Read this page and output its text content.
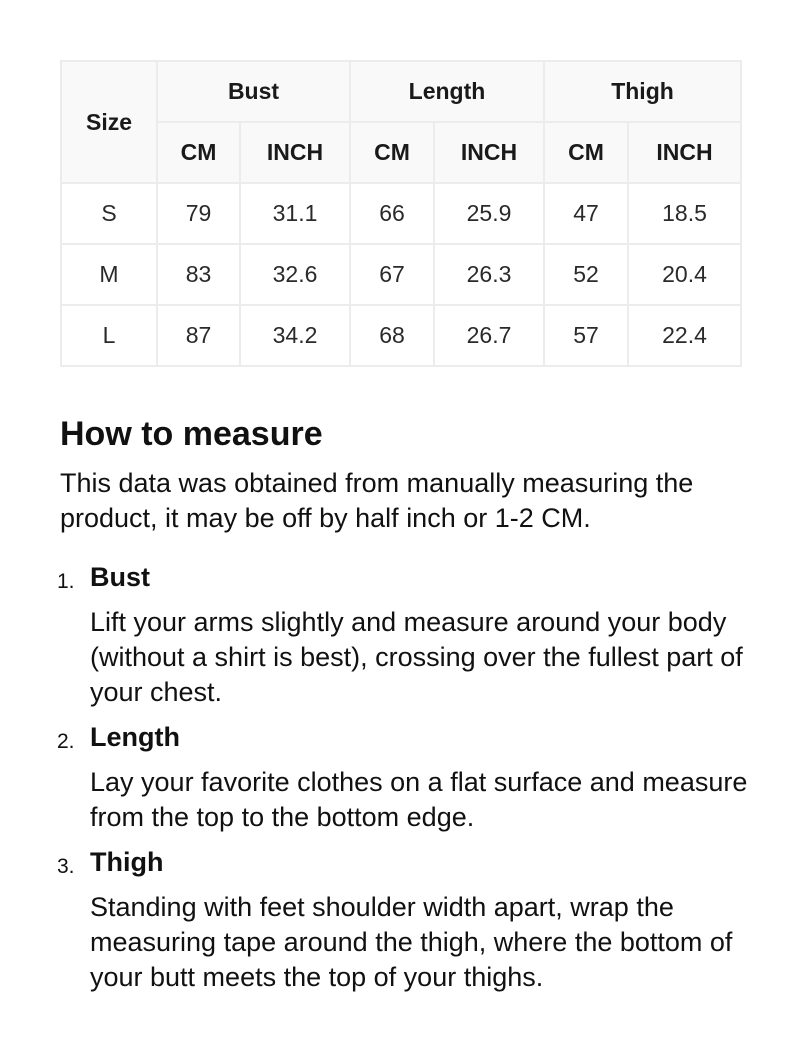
Size	Bust		Length		Thigh	
	CM	INCH	CM	INCH	CM	INCH
S	79	31.1	66	25.9	47	18.5
M	83	32.6	67	26.3	52	20.4
L	87	34.2	68	26.7	57	22.4
How to measure

This data was obtained from manually measuring the product, it may be off by half inch or 1-2 CM.

1. Bust
Lift your arms slightly and measure around your body (without a shirt is best), crossing over the fullest part of your chest.
2. Length
Lay your favorite clothes on a flat surface and measure from the top to the bottom edge.
3. Thigh
Standing with feet shoulder width apart, wrap the measuring tape around the thigh, where the bottom of your butt meets the top of your thighs.
